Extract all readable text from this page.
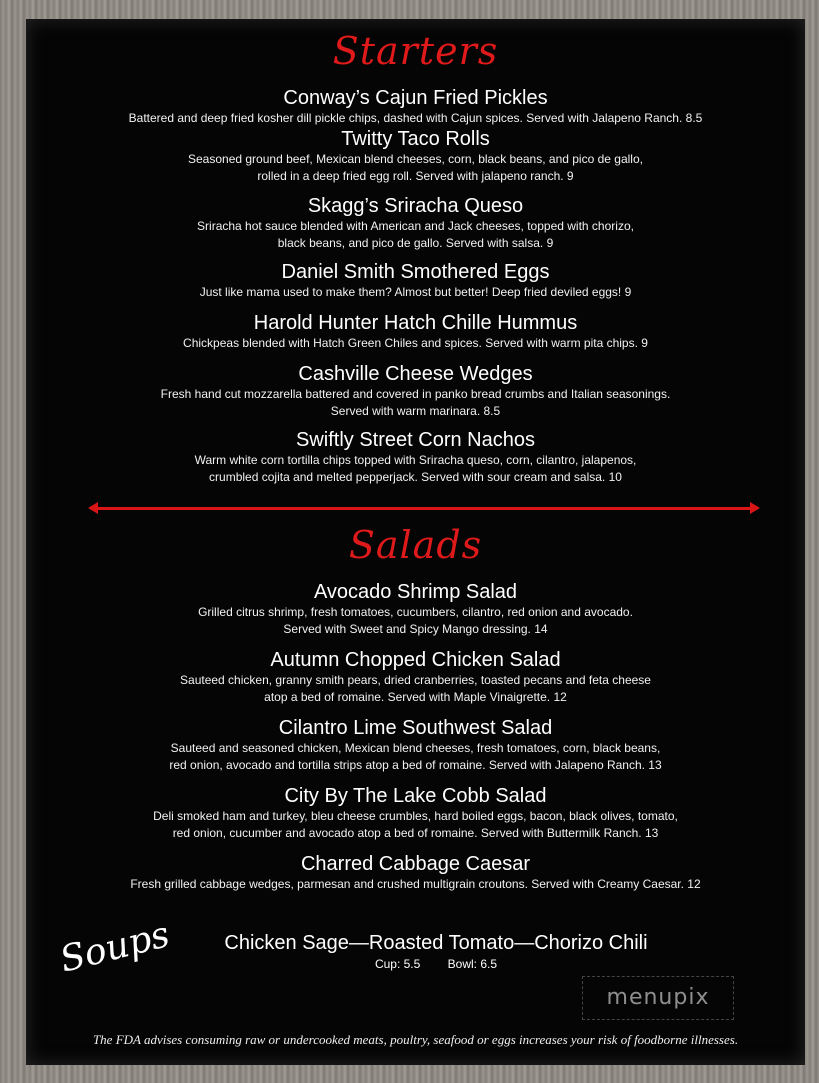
Starters
Conway’s Cajun Fried Pickles
Battered and deep fried kosher dill pickle chips, dashed with Cajun spices. Served with Jalapeno Ranch. 8.5
Twitty Taco Rolls
Seasoned ground beef, Mexican blend cheeses, corn, black beans, and pico de gallo,
rolled in a deep fried egg roll. Served with jalapeno ranch. 9
Skagg’s Sriracha Queso
Sriracha hot sauce blended with American and Jack cheeses, topped with chorizo,
black beans, and pico de gallo. Served with salsa. 9
Daniel Smith Smothered Eggs
Just like mama used to make them? Almost but better! Deep fried deviled eggs! 9
Harold Hunter Hatch Chille Hummus
Chickpeas blended with Hatch Green Chiles and spices. Served with warm pita chips. 9
Cashville Cheese Wedges
Fresh hand cut mozzarella battered and covered in panko bread crumbs and Italian seasonings.
Served with warm marinara. 8.5
Swiftly Street Corn Nachos
Warm white corn tortilla chips topped with Sriracha queso, corn, cilantro, jalapenos,
crumbled cojita and melted pepperjack. Served with sour cream and salsa. 10
Salads
Avocado Shrimp Salad
Grilled citrus shrimp, fresh tomatoes, cucumbers, cilantro, red onion and avocado.
Served with Sweet and Spicy Mango dressing. 14
Autumn Chopped Chicken Salad
Sauteed chicken, granny smith pears, dried cranberries, toasted pecans and feta cheese
atop a bed of romaine. Served with Maple Vinaigrette. 12
Cilantro Lime Southwest Salad
Sauteed and seasoned chicken, Mexican blend cheeses, fresh tomatoes, corn, black beans,
red onion, avocado and tortilla strips atop a bed of romaine. Served with Jalapeno Ranch. 13
City By The Lake Cobb Salad
Deli smoked ham and turkey, bleu cheese crumbles, hard boiled eggs, bacon, black olives, tomato,
red onion, cucumber and avocado atop a bed of romaine. Served with Buttermilk Ranch. 13
Charred Cabbage Caesar
Fresh grilled cabbage wedges, parmesan and crushed multigrain croutons. Served with Creamy Caesar. 12
Soups	Chicken Sage—Roasted Tomato—Chorizo Chili
Cup: 5.5 Bowl: 6.5
menupix
The FDA advises consuming raw or undercooked meats, poultry, seafood or eggs increases your risk of foodborne illnesses.
